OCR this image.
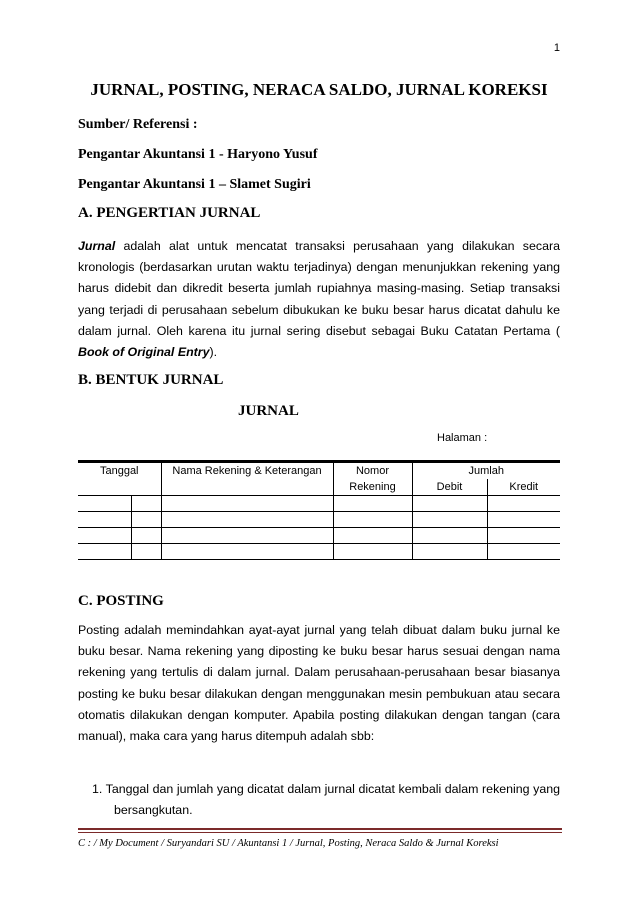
1
JURNAL, POSTING, NERACA SALDO, JURNAL KOREKSI
Sumber/ Referensi :
Pengantar Akuntansi 1 - Haryono Yusuf
Pengantar Akuntansi 1 – Slamet Sugiri
A. PENGERTIAN JURNAL
Jurnal adalah alat untuk mencatat transaksi perusahaan yang dilakukan secara kronologis (berdasarkan urutan waktu terjadinya) dengan menunjukkan rekening yang harus didebit dan dikredit beserta jumlah rupiahnya masing-masing. Setiap transaksi yang terjadi di perusahaan sebelum dibukukan ke buku besar harus dicatat dahulu ke dalam jurnal. Oleh karena itu jurnal sering disebut sebagai Buku Catatan Pertama ( Book of Original Entry).
B. BENTUK JURNAL
JURNAL
Halaman :
Tanggal		Nama Rekening & Keterangan	Nomor	Jumlah	
			Rekening	Debit	Kredit

C. POSTING
Posting adalah memindahkan ayat-ayat jurnal yang telah dibuat dalam buku jurnal ke buku besar. Nama rekening yang diposting ke buku besar harus sesuai dengan nama rekening yang tertulis di dalam jurnal. Dalam perusahaan-perusahaan besar biasanya posting ke buku besar dilakukan dengan menggunakan mesin pembukuan atau secara otomatis dilakukan dengan komputer. Apabila posting dilakukan dengan tangan (cara manual), maka cara yang harus ditempuh adalah sbb:
1. Tanggal dan jumlah yang dicatat dalam jurnal dicatat kembali dalam rekening yang bersangkutan.
C : / My Document / Suryandari SU / Akuntansi 1 / Jurnal, Posting, Neraca Saldo & Jurnal Koreksi
